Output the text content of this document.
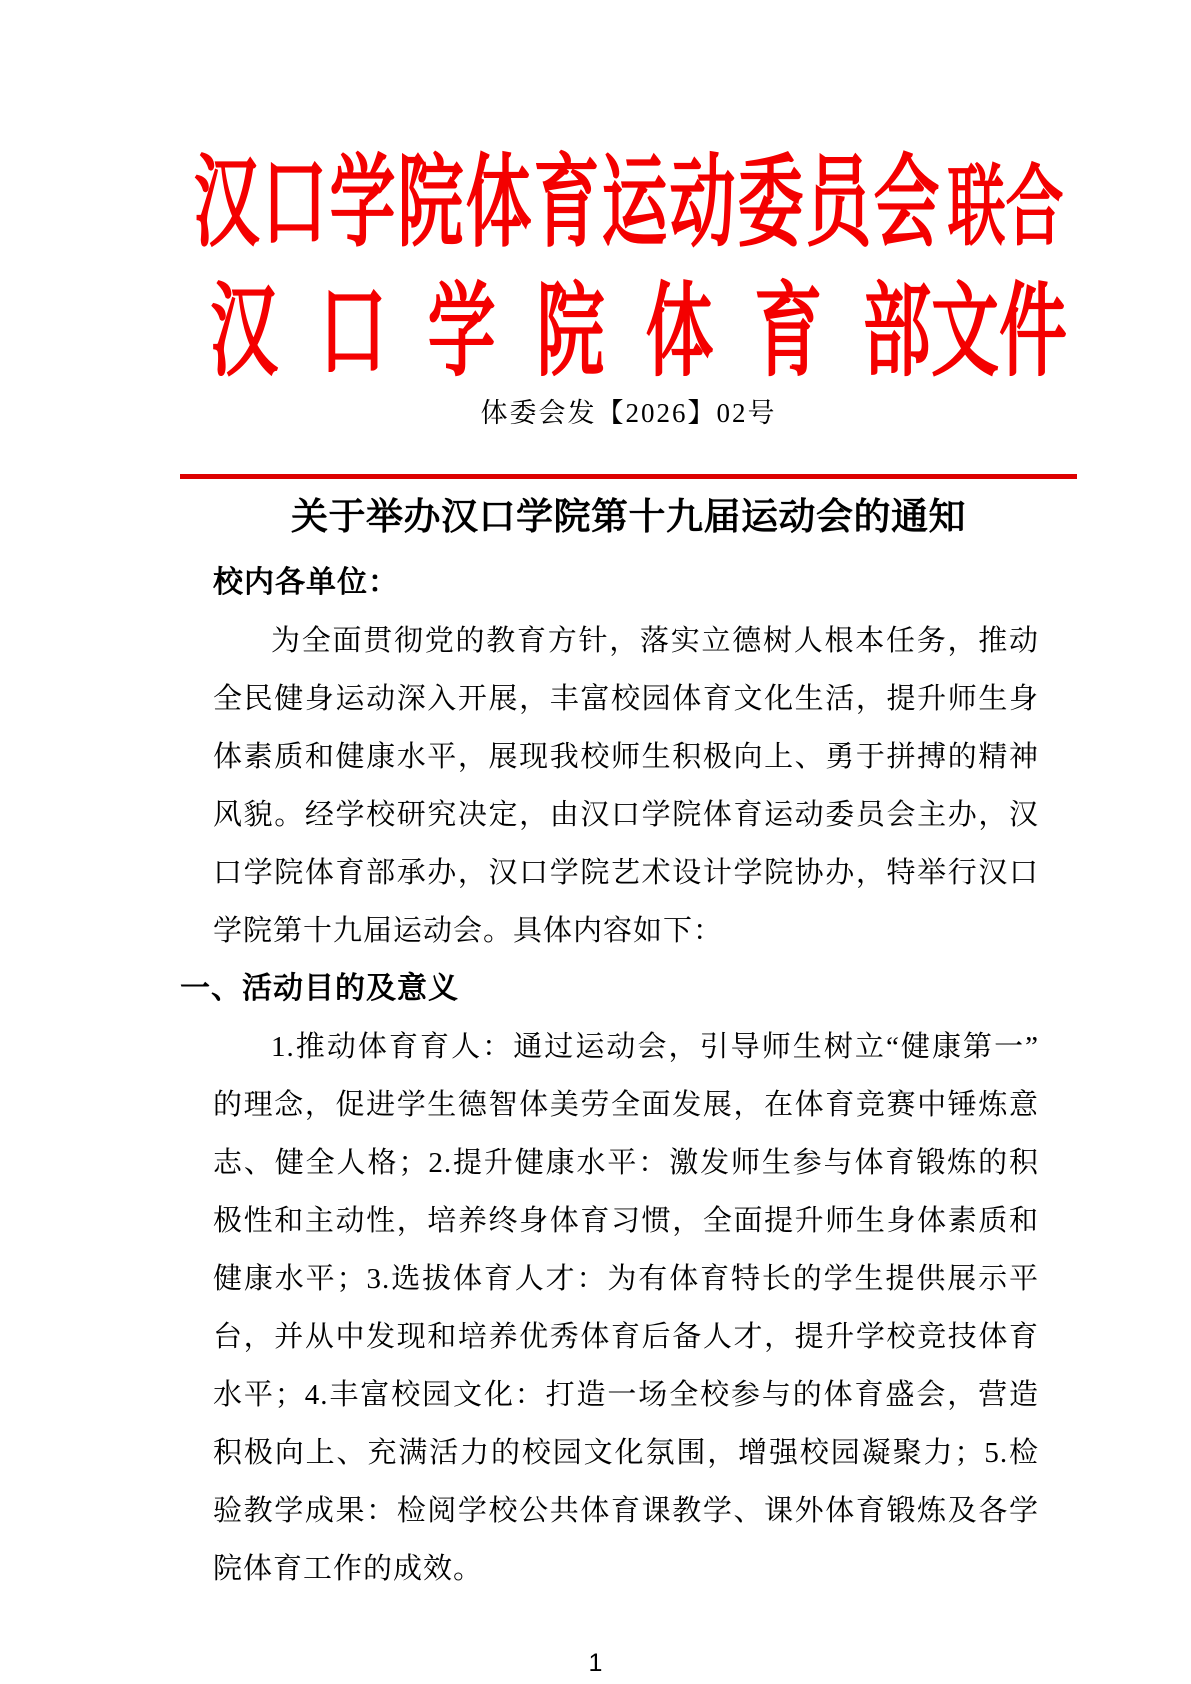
汉口学院体育运动委员会 联合
汉 口 学 院 体 育 部文件
体委会发【2026】02号
关于举办汉口学院第十九届运动会的通知

校内各单位：

为全面贯彻党的教育方针，落实立德树人根本任务，推动全民健身运动深入开展，丰富校园体育文化生活，提升师生身体素质和健康水平，展现我校师生积极向上、勇于拼搏的精神风貌。经学校研究决定，由汉口学院体育运动委员会主办，汉口学院体育部承办，汉口学院艺术设计学院协办，特举行汉口学院第十九届运动会。具体内容如下：

一、活动目的及意义

1.推动体育育人：通过运动会，引导师生树立“健康第一”的理念，促进学生德智体美劳全面发展，在体育竞赛中锤炼意志、健全人格；2.提升健康水平：激发师生参与体育锻炼的积极性和主动性，培养终身体育习惯，全面提升师生身体素质和健康水平；3.选拔体育人才：为有体育特长的学生提供展示平台，并从中发现和培养优秀体育后备人才，提升学校竞技体育水平；4.丰富校园文化：打造一场全校参与的体育盛会，营造积极向上、充满活力的校园文化氛围，增强校园凝聚力；5.检验教学成果：检阅学校公共体育课教学、课外体育锻炼及各学院体育工作的成效。

1
